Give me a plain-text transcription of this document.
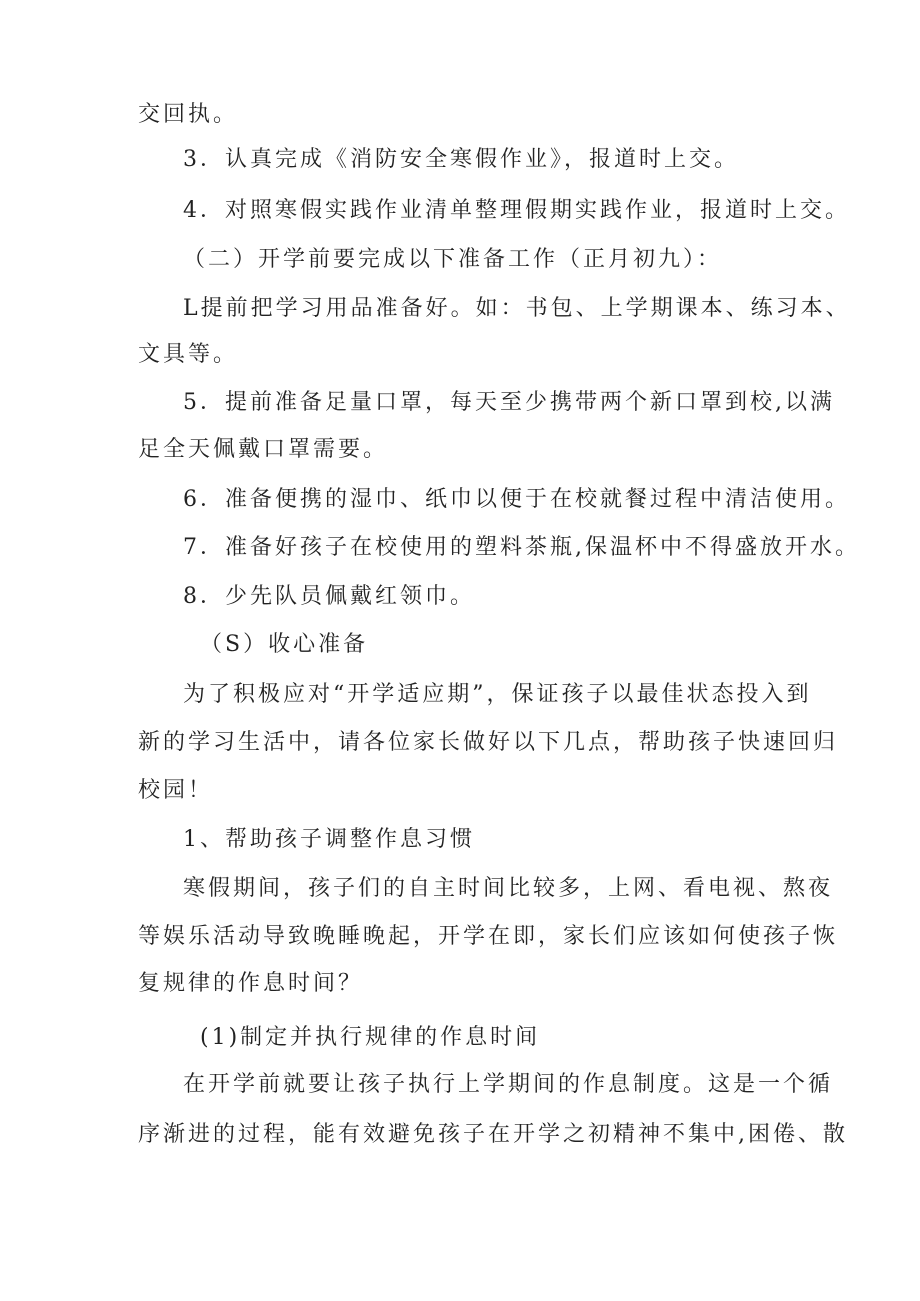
交回执。
3．认真完成《消防安全寒假作业》，报道时上交。
4．对照寒假实践作业清单整理假期实践作业，报道时上交。
（二）开学前要完成以下准备工作（正月初九）：
L提前把学习用品准备好。如：书包、上学期课本、练习本、
文具等。
5．提前准备足量口罩，每天至少携带两个新口罩到校,以满
足全天佩戴口罩需要。
6．准备便携的湿巾、纸巾以便于在校就餐过程中清洁使用。
7．准备好孩子在校使用的塑料茶瓶,保温杯中不得盛放开水。
8．少先队员佩戴红领巾。
（S）收心准备
为了积极应对“开学适应期”，保证孩子以最佳状态投入到
新的学习生活中，请各位家长做好以下几点，帮助孩子快速回归
校园！
1、帮助孩子调整作息习惯
寒假期间，孩子们的自主时间比较多，上网、看电视、熬夜
等娱乐活动导致晚睡晚起，开学在即，家长们应该如何使孩子恢
复规律的作息时间？
(1)制定并执行规律的作息时间
在开学前就要让孩子执行上学期间的作息制度。这是一个循
序渐进的过程，能有效避免孩子在开学之初精神不集中,困倦、散
